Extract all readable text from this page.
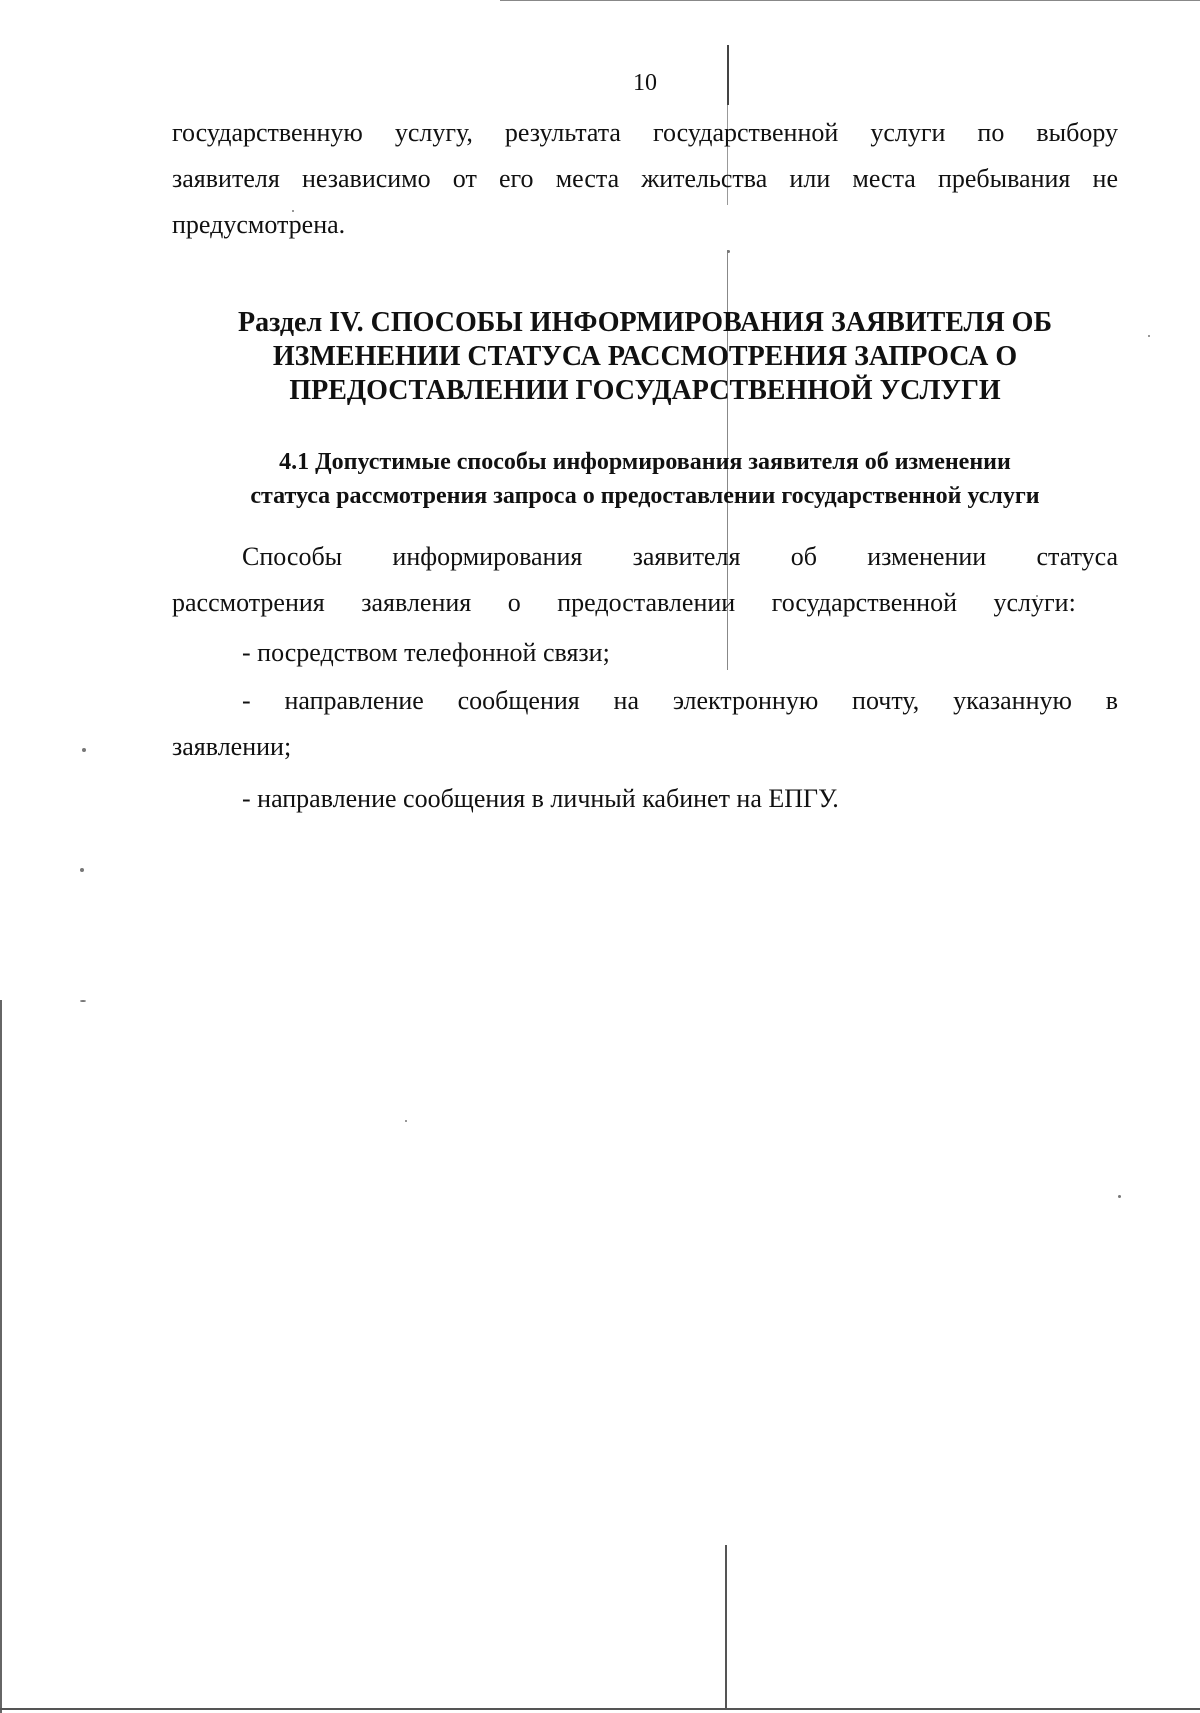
10
государственную услугу, результата государственной услуги по выбору
заявителя независимо от его места жительства или места пребывания не
предусмотрена.
Раздел IV. СПОСОБЫ ИНФОРМИРОВАНИЯ ЗАЯВИТЕЛЯ ОБ
ИЗМЕНЕНИИ СТАТУСА РАССМОТРЕНИЯ ЗАПРОСА О
ПРЕДОСТАВЛЕНИИ ГОСУДАРСТВЕННОЙ УСЛУГИ
4.1 Допустимые способы информирования заявителя об изменении
статуса рассмотрения запроса о предоставлении государственной услуги

Способы информирования заявителя об изменении статуса рассмотрения заявления о предоставлении государственной услуги:

- посредством телефонной связи;

- направление сообщения на электронную почту, указанную в заявлении;

- направление сообщения в личный кабинет на ЕПГУ.
